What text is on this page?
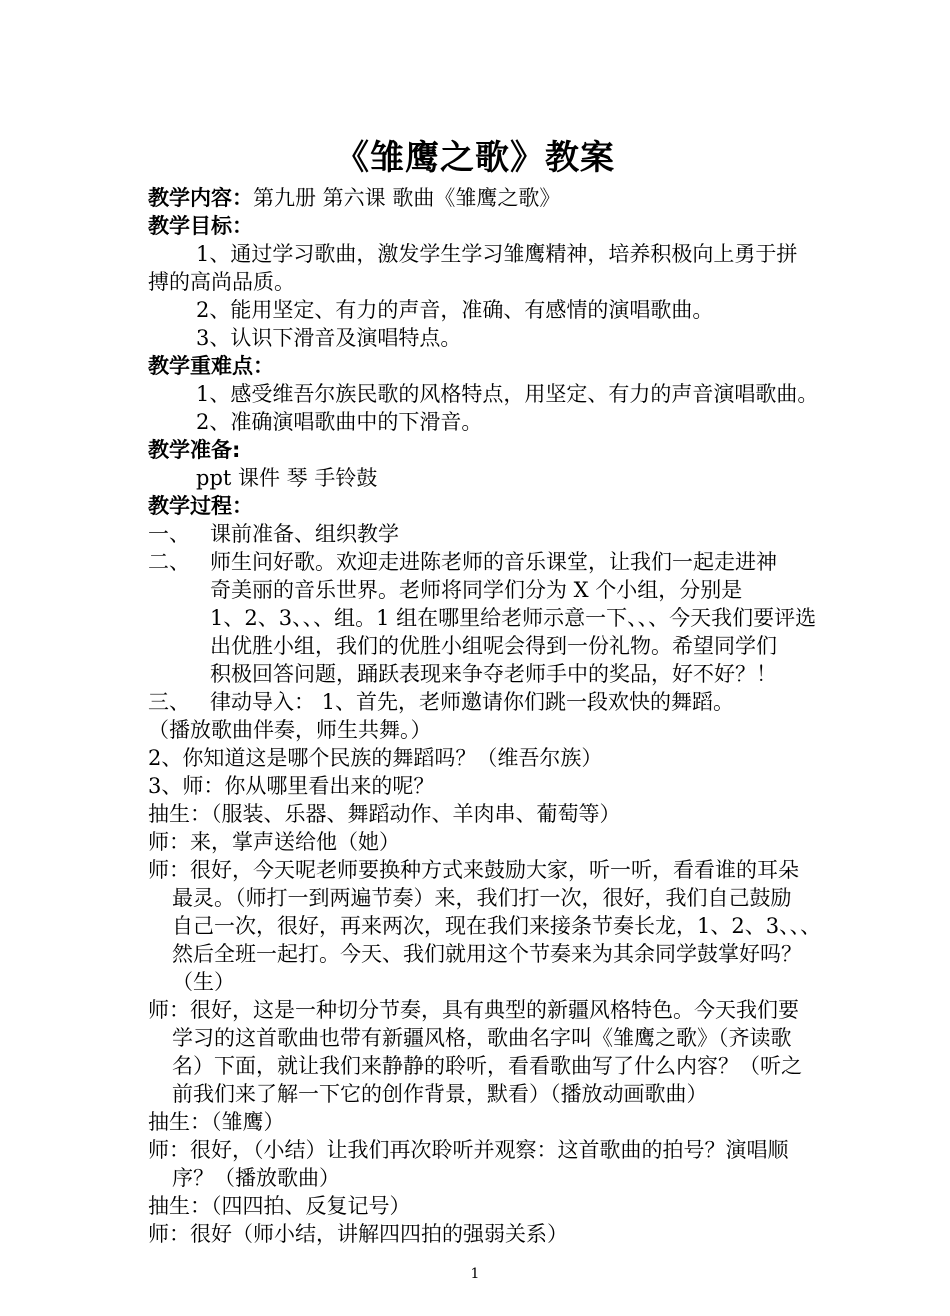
《雏鹰之歌》教案
教学内容：第九册 第六课 歌曲《雏鹰之歌》
教学目标：
1、通过学习歌曲，激发学生学习雏鹰精神，培养积极向上勇于拼
搏的高尚品质。
2、能用坚定、有力的声音，准确、有感情的演唱歌曲。
3、认识下滑音及演唱特点。
教学重难点：
1、感受维吾尔族民歌的风格特点，用坚定、有力的声音演唱歌曲。
2、准确演唱歌曲中的下滑音。
教学准备:
ppt 课件 琴 手铃鼓
教学过程：
一、 课前准备、组织教学
二、 师生问好歌。欢迎走进陈老师的音乐课堂，让我们一起走进神
奇美丽的音乐世界。老师将同学们分为 X 个小组，分别是
1、2、3、、、组。1 组在哪里给老师示意一下、、、今天我们要评选
出优胜小组，我们的优胜小组呢会得到一份礼物。希望同学们
积极回答问题，踊跃表现来争夺老师手中的奖品，好不好？！
三、 律动导入： 1、首先，老师邀请你们跳一段欢快的舞蹈。
（播放歌曲伴奏，师生共舞。）
2、你知道这是哪个民族的舞蹈吗？（维吾尔族）
3、师：你从哪里看出来的呢？
抽生：（服装、乐器、舞蹈动作、羊肉串、葡萄等）
师：来，掌声送给他（她）
师：很好，今天呢老师要换种方式来鼓励大家，听一听，看看谁的耳朵
最灵。（师打一到两遍节奏）来，我们打一次，很好，我们自己鼓励
自己一次，很好，再来两次，现在我们来接条节奏长龙，1、2、3、、、
然后全班一起打。今天、我们就用这个节奏来为其余同学鼓掌好吗？
（生）
师：很好，这是一种切分节奏，具有典型的新疆风格特色。今天我们要
学习的这首歌曲也带有新疆风格，歌曲名字叫《雏鹰之歌》（齐读歌
名）下面，就让我们来静静的聆听，看看歌曲写了什么内容？（听之
前我们来了解一下它的创作背景，默看）（播放动画歌曲）
抽生：（雏鹰）
师：很好，（小结）让我们再次聆听并观察：这首歌曲的拍号？演唱顺
序？（播放歌曲）
抽生：（四四拍、反复记号）
师：很好（师小结，讲解四四拍的强弱关系）
1
